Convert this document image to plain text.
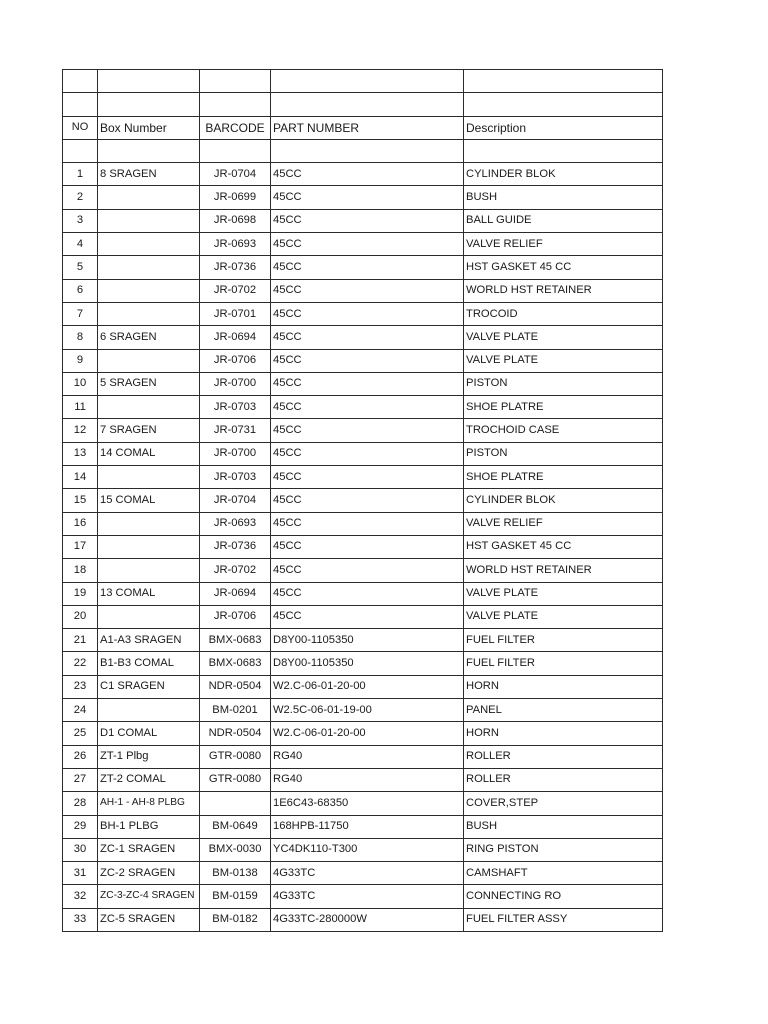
NO	Box Number	BARCODE	PART NUMBER	Description

1	8 SRAGEN	JR-0704	45CC	CYLINDER BLOK
2		JR-0699	45CC	BUSH
3		JR-0698	45CC	BALL GUIDE
4		JR-0693	45CC	VALVE RELIEF
5		JR-0736	45CC	HST GASKET 45 CC
6		JR-0702	45CC	WORLD HST RETAINER
7		JR-0701	45CC	TROCOID
8	6 SRAGEN	JR-0694	45CC	VALVE PLATE
9		JR-0706	45CC	VALVE PLATE
10	5 SRAGEN	JR-0700	45CC	PISTON
11		JR-0703	45CC	SHOE PLATRE
12	7 SRAGEN	JR-0731	45CC	TROCHOID CASE
13	14 COMAL	JR-0700	45CC	PISTON
14		JR-0703	45CC	SHOE PLATRE
15	15 COMAL	JR-0704	45CC	CYLINDER BLOK
16		JR-0693	45CC	VALVE RELIEF
17		JR-0736	45CC	HST GASKET 45 CC
18		JR-0702	45CC	WORLD HST RETAINER
19	13 COMAL	JR-0694	45CC	VALVE PLATE
20		JR-0706	45CC	VALVE PLATE
21	A1-A3 SRAGEN	BMX-0683	D8Y00-1105350	FUEL FILTER
22	B1-B3 COMAL	BMX-0683	D8Y00-1105350	FUEL FILTER
23	C1 SRAGEN	NDR-0504	W2.C-06-01-20-00	HORN
24		BM-0201	W2.5C-06-01-19-00	PANEL
25	D1 COMAL	NDR-0504	W2.C-06-01-20-00	HORN
26	ZT-1 Plbg	GTR-0080	RG40	ROLLER
27	ZT-2 COMAL	GTR-0080	RG40	ROLLER
28	AH-1 - AH-8 PLBG		1E6C43-68350	COVER,STEP
29	BH-1 PLBG	BM-0649	168HPB-11750	BUSH
30	ZC-1 SRAGEN	BMX-0030	YC4DK110-T300	RING PISTON
31	ZC-2 SRAGEN	BM-0138	4G33TC	CAMSHAFT
32	ZC-3-ZC-4 SRAGEN	BM-0159	4G33TC	CONNECTING RO
33	ZC-5 SRAGEN	BM-0182	4G33TC-280000W	FUEL FILTER ASSY
